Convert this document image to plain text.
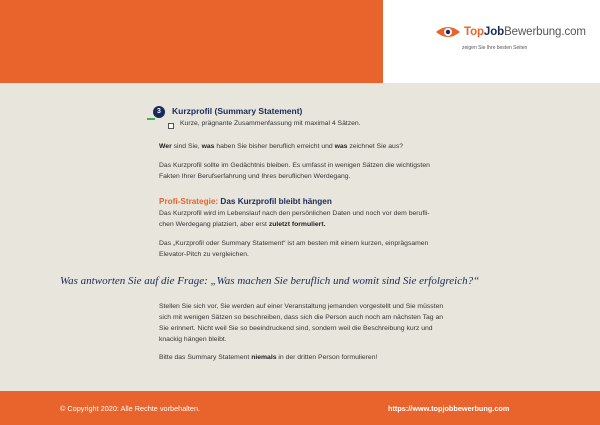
TopJobBewerbung.com
zeigen Sie Ihre besten Seiten
3	Kurzprofil (Summary Statement)
Kurze, prägnante Zusammenfassung mit maximal 4 Sätzen.
Wer sind Sie, was haben Sie bisher beruflich erreicht und was zeichnet Sie aus?
Das Kurzprofil sollte im Gedächtnis bleiben. Es umfasst in wenigen Sätzen die wichtigsten
Fakten Ihrer Berufserfahrung und Ihres beruflichen Werdegang.
Profi-Strategie: Das Kurzprofil bleibt hängen
Das Kurzprofil wird im Lebenslauf nach den persönlichen Daten und noch vor dem berufli-
chen Werdegang platziert, aber erst zuletzt formuliert.
Das „Kurzprofil oder Summary Statement“ ist am besten mit einem kurzen, einprägsamen
Elevator-Pitch zu vergleichen.
Was antworten Sie auf die Frage: „Was machen Sie beruflich und womit sind Sie erfolgreich?“
Stellen Sie sich vor, Sie werden auf einer Veranstaltung jemanden vorgestellt und Sie müssten
sich mit wenigen Sätzen so beschreiben, dass sich die Person auch noch am nächsten Tag an
Sie erinnert. Nicht weil Sie so beeindruckend sind, sondern weil die Beschreibung kurz und
knackig hängen bleibt.
Bitte das Summary Statement niemals in der dritten Person formulieren!
© Copyright 2020: Alle Rechte vorbehalten.	https://www.topjobbewerbung.com
